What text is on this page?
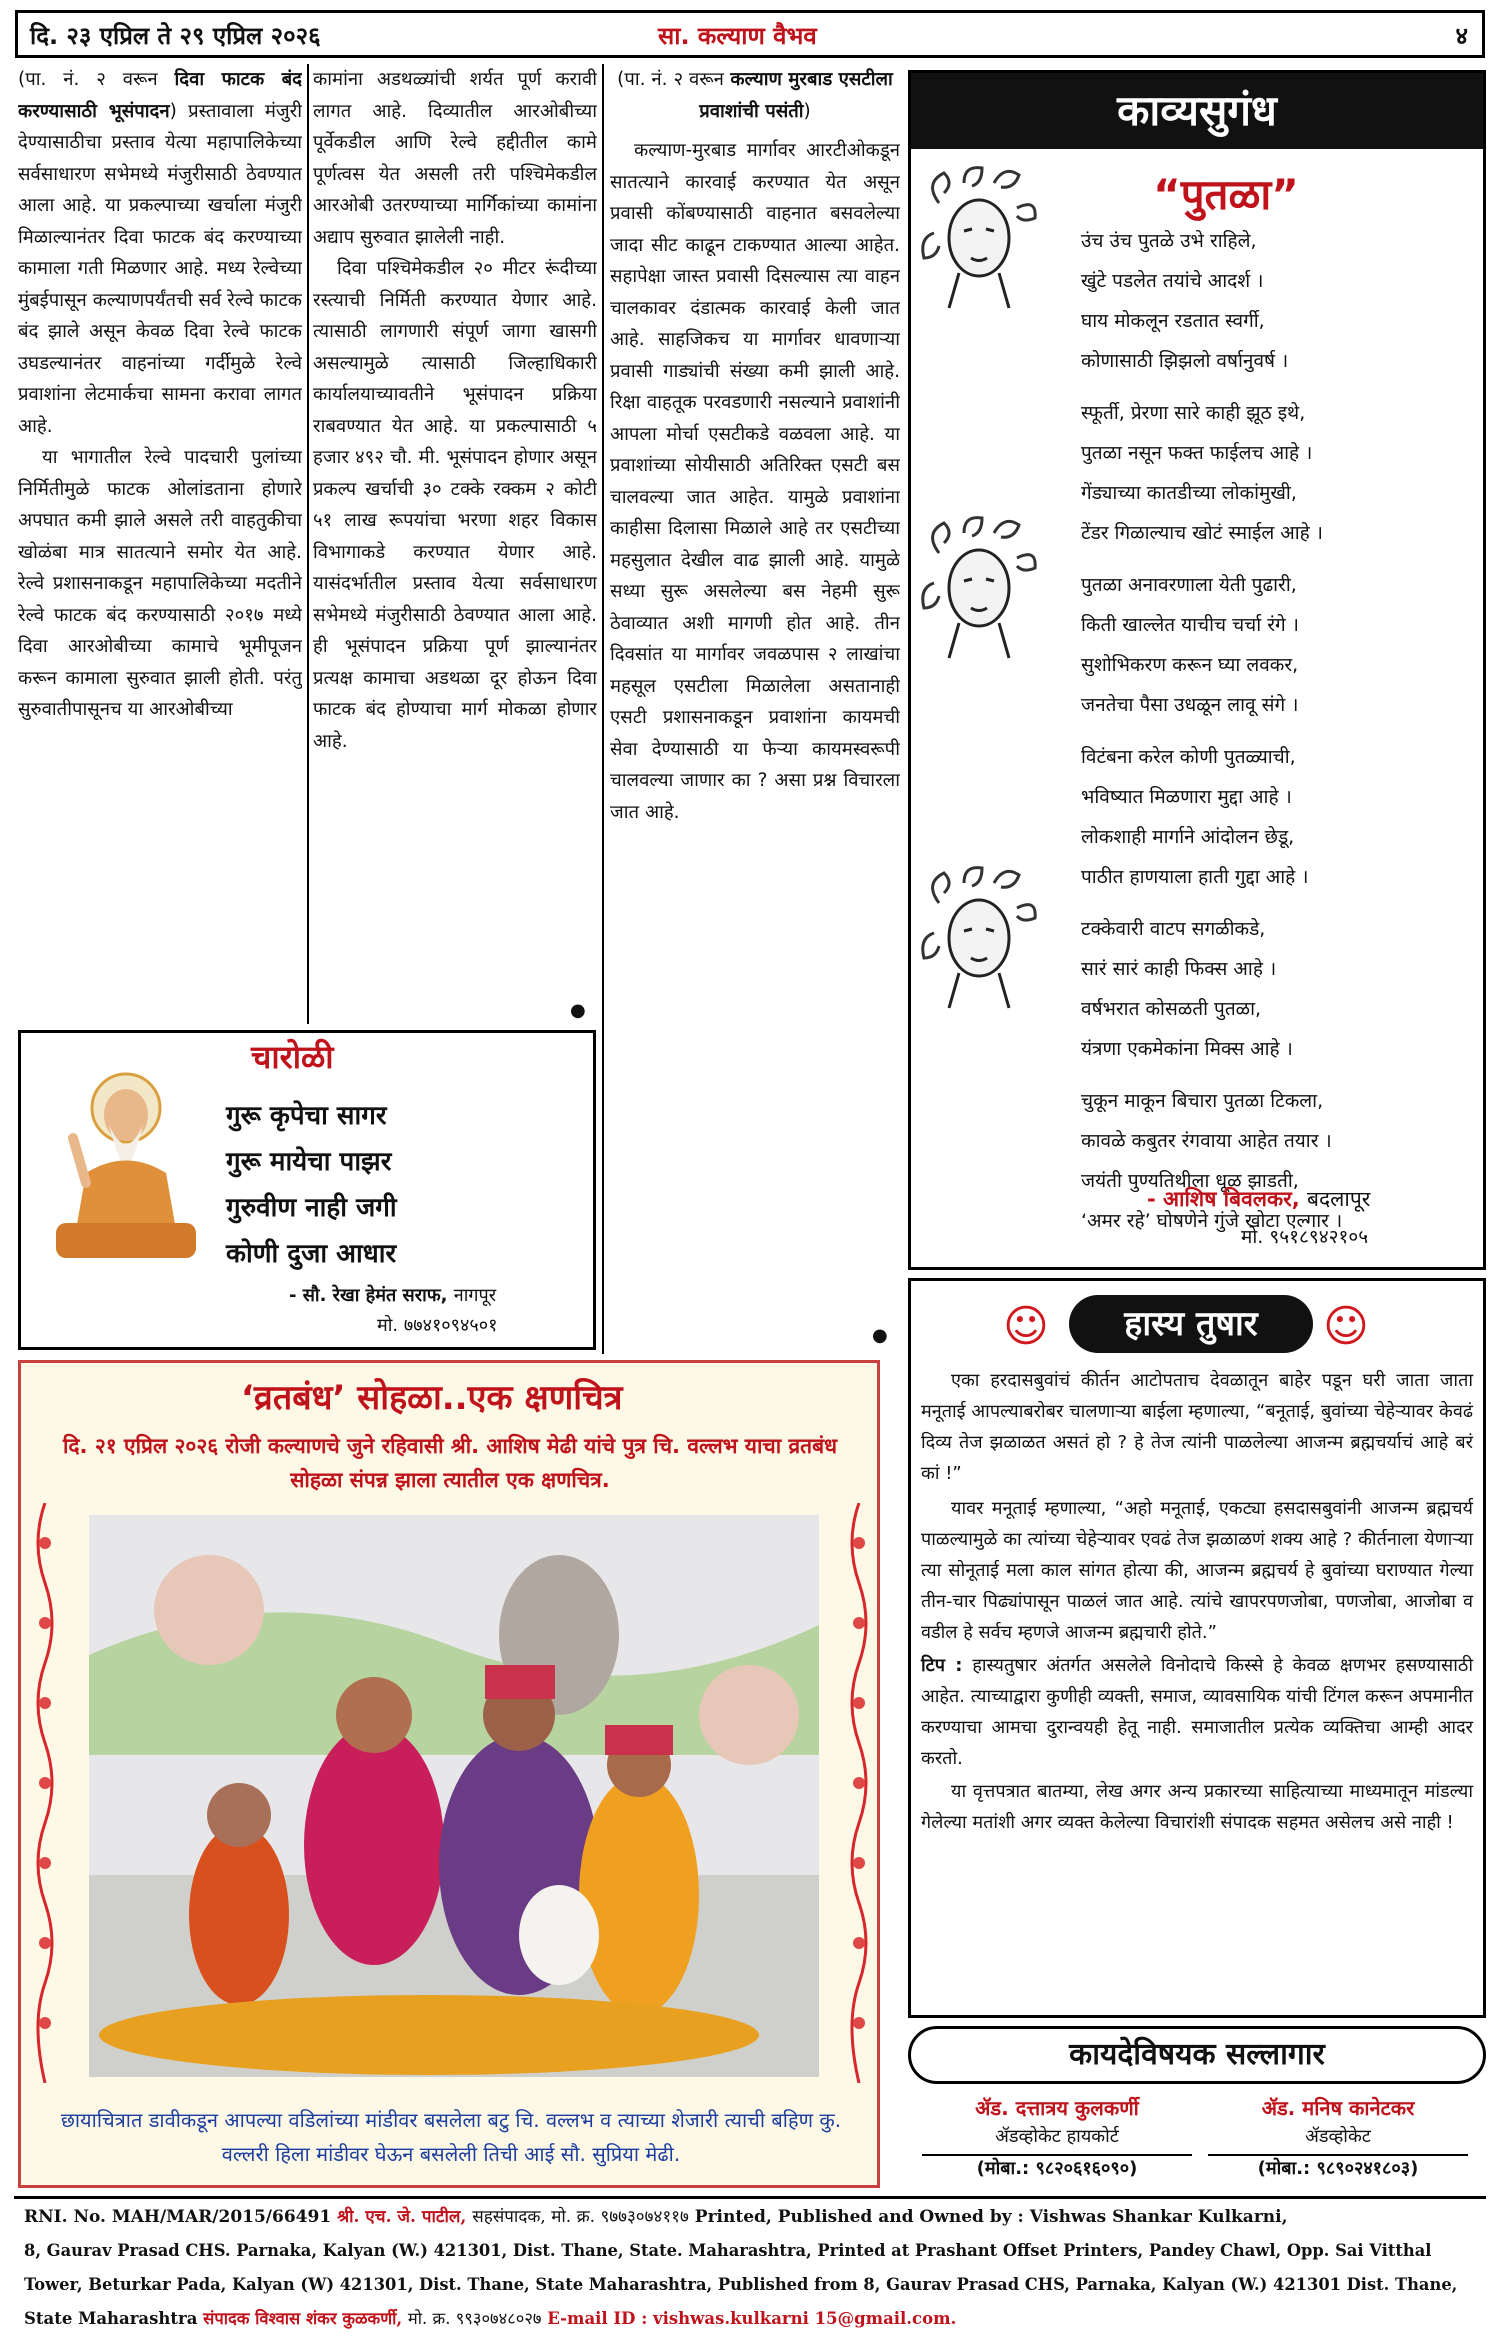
दि. २३ एप्रिल ते २९ एप्रिल २०२६	सा. कल्याण वैभव	४

(पा. नं. २ वरून दिवा फाटक बंद करण्यासाठी भूसंपादन) प्रस्तावाला मंजुरी देण्यासाठीचा प्रस्ताव येत्या महापालिकेच्या सर्वसाधारण सभेमध्ये मंजुरीसाठी ठेवण्यात आला आहे. या प्रकल्पाच्या खर्चाला मंजुरी मिळाल्यानंतर दिवा फाटक बंद करण्याच्या कामाला गती मिळणार आहे. मध्य रेल्वेच्या मुंबईपासून कल्याणपर्यंतची सर्व रेल्वे फाटक बंद झाले असून केवळ दिवा रेल्वे फाटक उघडल्यानंतर वाहनांच्या गर्दीमुळे रेल्वे प्रवाशांना लेटमार्कचा सामना करावा लागत आहे.

या भागातील रेल्वे पादचारी पुलांच्या निर्मितीमुळे फाटक ओलांडताना होणारे अपघात कमी झाले असले तरी वाहतुकीचा खोळंबा मात्र सातत्याने समोर येत आहे. रेल्वे प्रशासनाकडून महापालिकेच्या मदतीने रेल्वे फाटक बंद करण्यासाठी २०१७ मध्ये दिवा आरओबीच्या कामाचे भूमीपूजन करून कामाला सुरुवात झाली होती. परंतु सुरुवातीपासूनच या आरओबीच्या

कामांना अडथळ्यांची शर्यत पूर्ण करावी लागत आहे. दिव्यातील आरओबीच्या पूर्वेकडील आणि रेल्वे हद्दीतील कामे पूर्णत्वस येत असली तरी पश्चिमेकडील आरओबी उतरण्याच्या मार्गिकांच्या कामांना अद्याप सुरुवात झालेली नाही.

दिवा पश्चिमेकडील २० मीटर रूंदीच्या रस्त्याची निर्मिती करण्यात येणार आहे. त्यासाठी लागणारी संपूर्ण जागा खासगी असल्यामुळे त्यासाठी जिल्हाधिकारी कार्यालयाच्यावतीने भूसंपादन प्रक्रिया राबवण्यात येत आहे. या प्रकल्पासाठी ५ हजार ४९२ चौ. मी. भूसंपादन होणार असून प्रकल्प खर्चाची ३० टक्के रक्कम २ कोटी ५१ लाख रूपयांचा भरणा शहर विकास विभागाकडे करण्यात येणार आहे. यासंदर्भातील प्रस्ताव येत्या सर्वसाधारण सभेमध्ये मंजुरीसाठी ठेवण्यात आला आहे. ही भूसंपादन प्रक्रिया पूर्ण झाल्यानंतर प्रत्यक्ष कामाचा अडथळा दूर होऊन दिवा फाटक बंद होण्याचा मार्ग मोकळा होणार आहे.

●

(पा. नं. २ वरून कल्याण मुरबाड एसटीला प्रवाशांची पसंती)

कल्याण-मुरबाड मार्गावर आरटीओकडून सातत्याने कारवाई करण्यात येत असून प्रवासी कोंबण्यासाठी वाहनात बसवलेल्या जादा सीट काढून टाकण्यात आल्या आहेत. सहापेक्षा जास्त प्रवासी दिसल्यास त्या वाहन चालकावर दंडात्मक कारवाई केली जात आहे. साहजिकच या मार्गावर धावणाऱ्या प्रवासी गाड्यांची संख्या कमी झाली आहे. रिक्षा वाहतूक परवडणारी नसल्याने प्रवाशांनी आपला मोर्चा एसटीकडे वळवला आहे. या प्रवाशांच्या सोयीसाठी अतिरिक्त एसटी बस चालवल्या जात आहेत. यामुळे प्रवाशांना काहीसा दिलासा मिळाले आहे तर एसटीच्या महसुलात देखील वाढ झाली आहे. यामुळे सध्या सुरू असलेल्या बस नेहमी सुरू ठेवाव्यात अशी मागणी होत आहे. तीन दिवसांत या मार्गावर जवळपास २ लाखांचा महसूल एसटीला मिळालेला असतानाही एसटी प्रशासनाकडून प्रवाशांना कायमची सेवा देण्यासाठी या फेऱ्या कायमस्वरूपी चालवल्या जाणार का ? असा प्रश्न विचारला जात आहे.

●
चारोळी
गुरू कृपेचा सागर
गुरू मायेचा पाझर
गुरुवीण नाही जगी
कोणी दुजा आधार
- सौ. रेखा हेमंत सराफ, नागपूर
मो. ७७४१०९४५०१
काव्यसुगंध
“पुतळा”
उंच उंच पुतळे उभे राहिले,
खुंटे पडलेत तयांचे आदर्श ।
घाय मोकलून रडतात स्वर्गी,
कोणासाठी झिझलो वर्षानुवर्ष ।
स्फूर्ती, प्रेरणा सारे काही झूठ इथे,
पुतळा नसून फक्त फाईलच आहे ।
गेंड्याच्या कातडीच्या लोकांमुखी,
टेंडर गिळाल्याच खोटं स्माईल आहे ।
पुतळा अनावरणाला येती पुढारी,
किती खाल्लेत याचीच चर्चा रंगे ।
सुशोभिकरण करून घ्या लवकर,
जनतेचा पैसा उधळून लावू संगे ।
विटंबना करेल कोणी पुतळ्याची,
भविष्यात मिळणारा मुद्दा आहे ।
लोकशाही मार्गाने आंदोलन छेडू,
पाठीत हाणयाला हाती गुद्दा आहे ।
टक्केवारी वाटप सगळीकडे,
सारं सारं काही फिक्स आहे ।
वर्षभरात कोसळती पुतळा,
यंत्रणा एकमेकांना मिक्स आहे ।
चुकून माकून बिचारा पुतळा टिकला,
कावळे कबुतर रंगवाया आहेत तयार ।
जयंती पुण्यतिथीला धूळ झाडती,
‘अमर रहे’ घोषणेने गुंजे खोटा एल्गार ।
- आशिष बिवलकर, बदलापूर
मो. ९५१८९४२१०५
☺	हास्य तुषार	☺

एका हरदासबुवांचं कीर्तन आटोपताच देवळातून बाहेर पडून घरी जाता जाता मनूताई आपल्याबरोबर चालणाऱ्या बाईला म्हणाल्या, “बनूताई, बुवांच्या चेहेऱ्यावर केवढं दिव्य तेज झळाळत असतं हो ? हे तेज त्यांनी पाळलेल्या आजन्म ब्रह्मचर्याचं आहे बरं कां !”

यावर मनूताई म्हणाल्या, “अहो मनूताई, एकट्या हसदासबुवांनी आजन्म ब्रह्मचर्य पाळल्यामुळे का त्यांच्या चेहेऱ्यावर एवढं तेज झळाळणं शक्य आहे ? कीर्तनाला येणाऱ्या त्या सोनूताई मला काल सांगत होत्या की, आजन्म ब्रह्मचर्य हे बुवांच्या घराण्यात गेल्या तीन-चार पिढ्यांपासून पाळलं जात आहे. त्यांचे खापरपणजोबा, पणजोबा, आजोबा व वडील हे सर्वच म्हणजे आजन्म ब्रह्मचारी होते.”

टिप : हास्यतुषार अंतर्गत असलेले विनोदाचे किस्से हे केवळ क्षणभर हसण्यासाठी आहेत. त्याच्याद्वारा कुणीही व्यक्ती, समाज, व्यावसायिक यांची टिंगल करून अपमानीत करण्याचा आमचा दुरान्वयही हेतू नाही. समाजातील प्रत्येक व्यक्तिचा आम्ही आदर करतो.

या वृत्तपत्रात बातम्या, लेख अगर अन्य प्रकारच्या साहित्याच्या माध्यमातून मांडल्या गेलेल्या मतांशी अगर व्यक्त केलेल्या विचारांशी संपादक सहमत असेलच असे नाही !

‘व्रतबंध’ सोहळा..एक क्षणचित्र
दि. २१ एप्रिल २०२६ रोजी कल्याणचे जुने रहिवासी श्री. आशिष मेढी यांचे पुत्र चि. वल्लभ याचा व्रतबंध सोहळा संपन्न झाला त्यातील एक क्षणचित्र.
छायाचित्रात डावीकडून आपल्या वडिलांच्या मांडीवर बसलेला बटु चि. वल्लभ व त्याच्या शेजारी त्याची बहिण कु. वल्लरी हिला मांडीवर घेऊन बसलेली तिची आई सौ. सुप्रिया मेढी.
कायदेविषयक सल्लागार
ॲड. दत्तात्रय कुलकर्णी	ॲड. मनिष कानेटकर
ॲडव्होकेट हायकोर्ट	ॲडव्होकेट
(मोबा.: ९८२०६१६०९०)	(मोबा.: ९८९०२४१८०३)
RNI. No. MAH/MAR/2015/66491 श्री. एच. जे. पाटील, सहसंपादक, मो. क्र. ९७७३०७४११७ Printed, Published and Owned by : Vishwas Shankar Kulkarni,
8, Gaurav Prasad CHS. Parnaka, Kalyan (W.) 421301, Dist. Thane, State. Maharashtra, Printed at Prashant Offset Printers, Pandey Chawl, Opp. Sai Vitthal
Tower, Beturkar Pada, Kalyan (W) 421301, Dist. Thane, State Maharashtra, Published from 8, Gaurav Prasad CHS, Parnaka, Kalyan (W.) 421301 Dist. Thane,
State Maharashtra संपादक विश्वास शंकर कुळकर्णी, मो. क्र. ९९३०७४८०२७ E-mail ID : vishwas.kulkarni 15@gmail.com.
